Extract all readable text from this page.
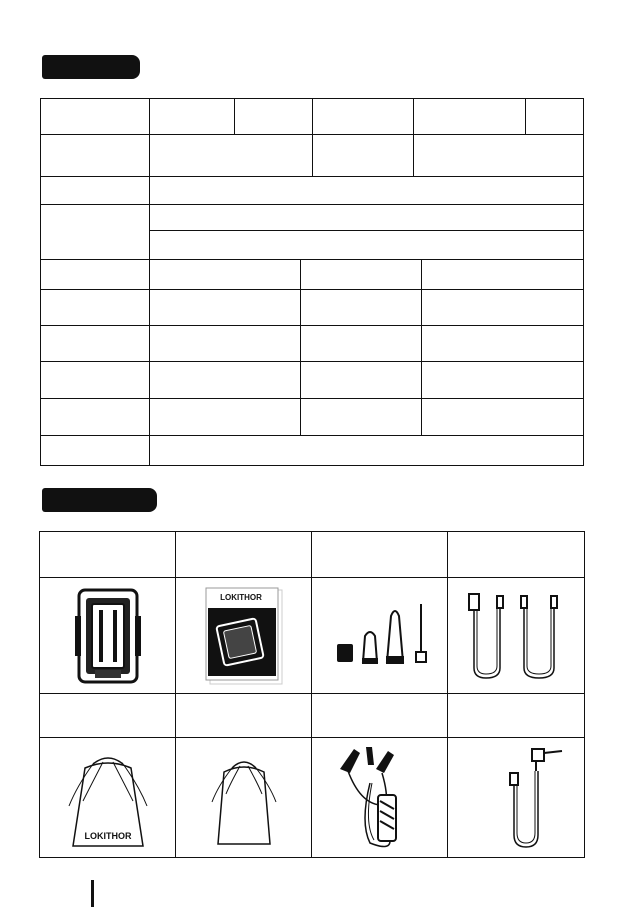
LOKITHOR
LOKITHOR
